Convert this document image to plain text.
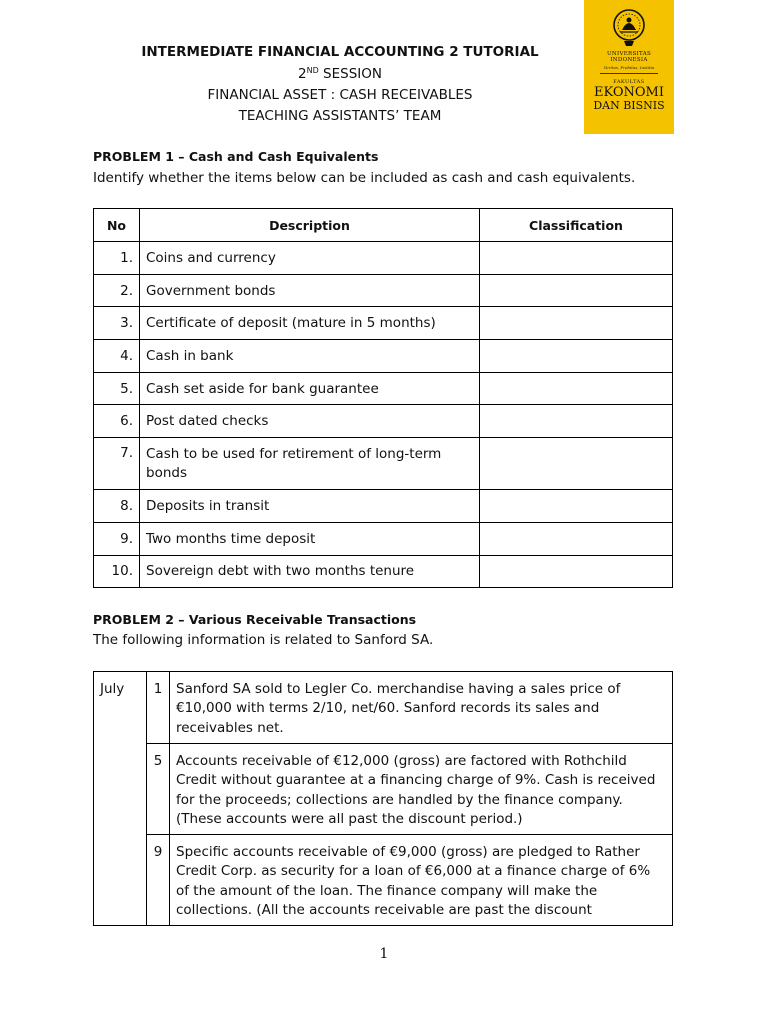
UNIVERSITAS
INDONESIA
Veritas, Probitas, Iustitia
FAKULTAS
EKONOMI
DAN BISNIS
INTERMEDIATE FINANCIAL ACCOUNTING 2 TUTORIAL
2ND SESSION
FINANCIAL ASSET : CASH RECEIVABLES
TEACHING ASSISTANTS’ TEAM
PROBLEM 1 – Cash and Cash Equivalents
Identify whether the items below can be included as cash and cash equivalents.
No	Description	Classification
1.	Coins and currency	
2.	Government bonds	
3.	Certificate of deposit (mature in 5 months)	
4.	Cash in bank	
5.	Cash set aside for bank guarantee	
6.	Post dated checks	
7.	Cash to be used for retirement of long-term bonds	
8.	Deposits in transit	
9.	Two months time deposit	
10.	Sovereign debt with two months tenure	
PROBLEM 2 – Various Receivable Transactions
The following information is related to Sanford SA.
July	1	Sanford SA sold to Legler Co. merchandise having a sales price of €10,000 with terms 2/10, net/60. Sanford records its sales and receivables net.
	5	Accounts receivable of €12,000 (gross) are factored with Rothchild Credit without guarantee at a financing charge of 9%. Cash is received for the proceeds; collections are handled by the finance company. (These accounts were all past the discount period.)
	9	Specific accounts receivable of €9,000 (gross) are pledged to Rather Credit Corp. as security for a loan of €6,000 at a finance charge of 6% of the amount of the loan. The finance company will make the collections. (All the accounts receivable are past the discount
1
